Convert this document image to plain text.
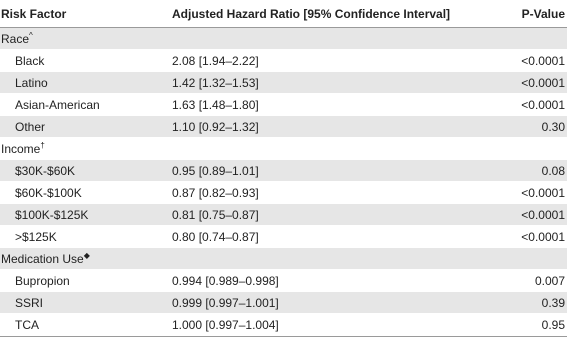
Risk Factor	Adjusted Hazard Ratio [95% Confidence Interval]	P-Value
Race^
Black	2.08 [1.94–2.22]	<0.0001
Latino	1.42 [1.32–1.53]	<0.0001
Asian-American	1.63 [1.48–1.80]	<0.0001
Other	1.10 [0.92–1.32]	0.30
Income†
$30K-$60K	0.95 [0.89–1.01]	0.08
$60K-$100K	0.87 [0.82–0.93]	<0.0001
$100K-$125K	0.81 [0.75–0.87]	<0.0001
>$125K	0.80 [0.74–0.87]	<0.0001
Medication Use◆
Bupropion	0.994 [0.989–0.998]	0.007
SSRI	0.999 [0.997–1.001]	0.39
TCA	1.000 [0.997–1.004]	0.95
